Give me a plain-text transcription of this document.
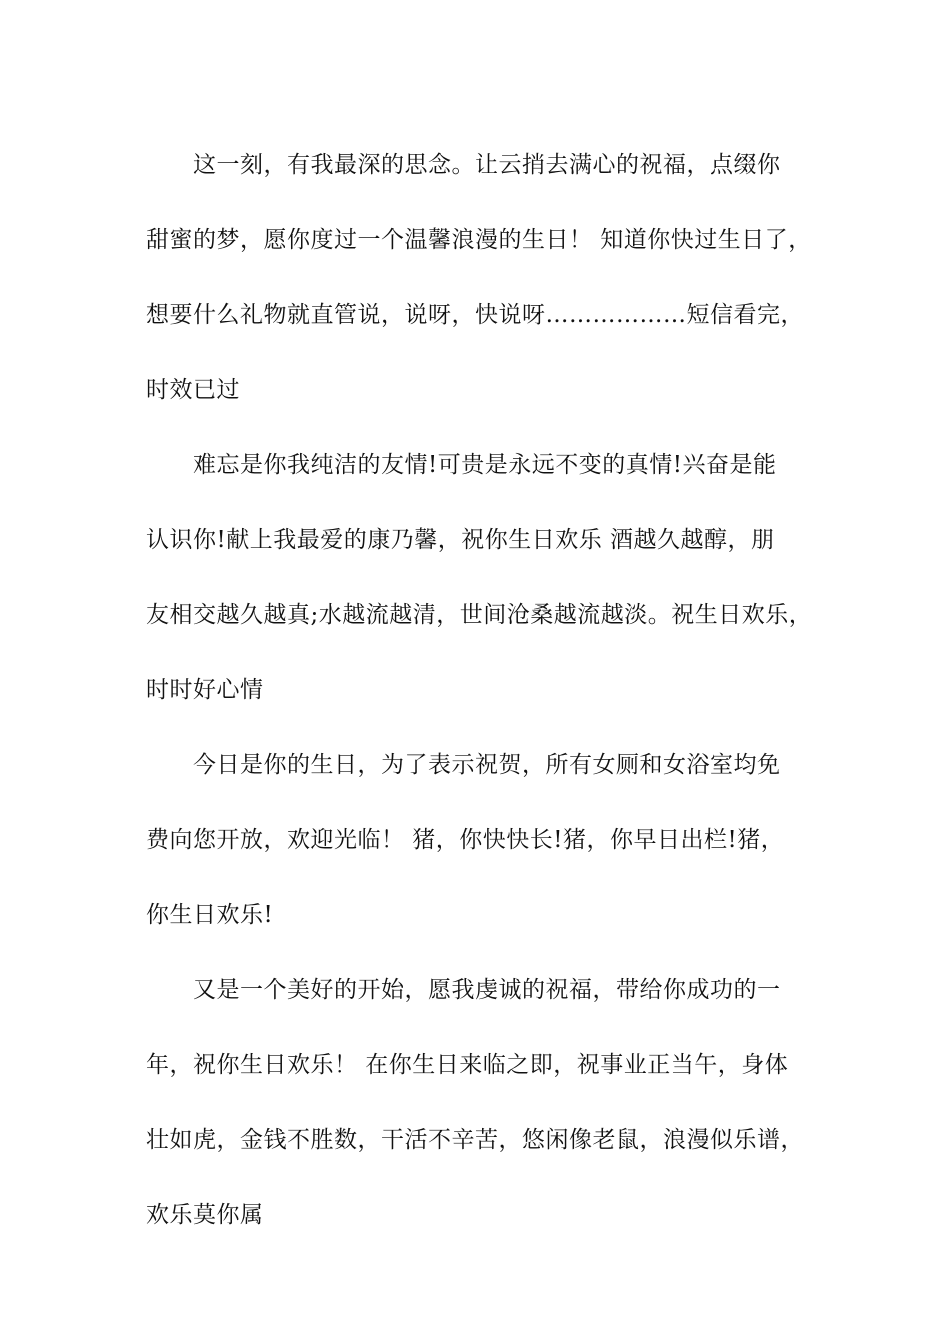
这一刻，有我最深的思念。让云捎去满心的祝福，点缀你
甜蜜的梦，愿你度过一个温馨浪漫的生日！ 知道你快过生日了，
想要什么礼物就直管说，说呀，快说呀………………短信看完，
时效已过

难忘是你我纯洁的友情!可贵是永远不变的真情!兴奋是能
认识你!献上我最爱的康乃馨，祝你生日欢乐 酒越久越醇，朋
友相交越久越真;水越流越清，世间沧桑越流越淡。祝生日欢乐，
时时好心情

今日是你的生日，为了表示祝贺，所有女厕和女浴室均免
费向您开放，欢迎光临！ 猪，你快快长!猪，你早日出栏!猪，
你生日欢乐!

又是一个美好的开始，愿我虔诚的祝福，带给你成功的一
年，祝你生日欢乐！ 在你生日来临之即，祝事业正当午，身体
壮如虎，金钱不胜数，干活不辛苦，悠闲像老鼠，浪漫似乐谱，
欢乐莫你属
